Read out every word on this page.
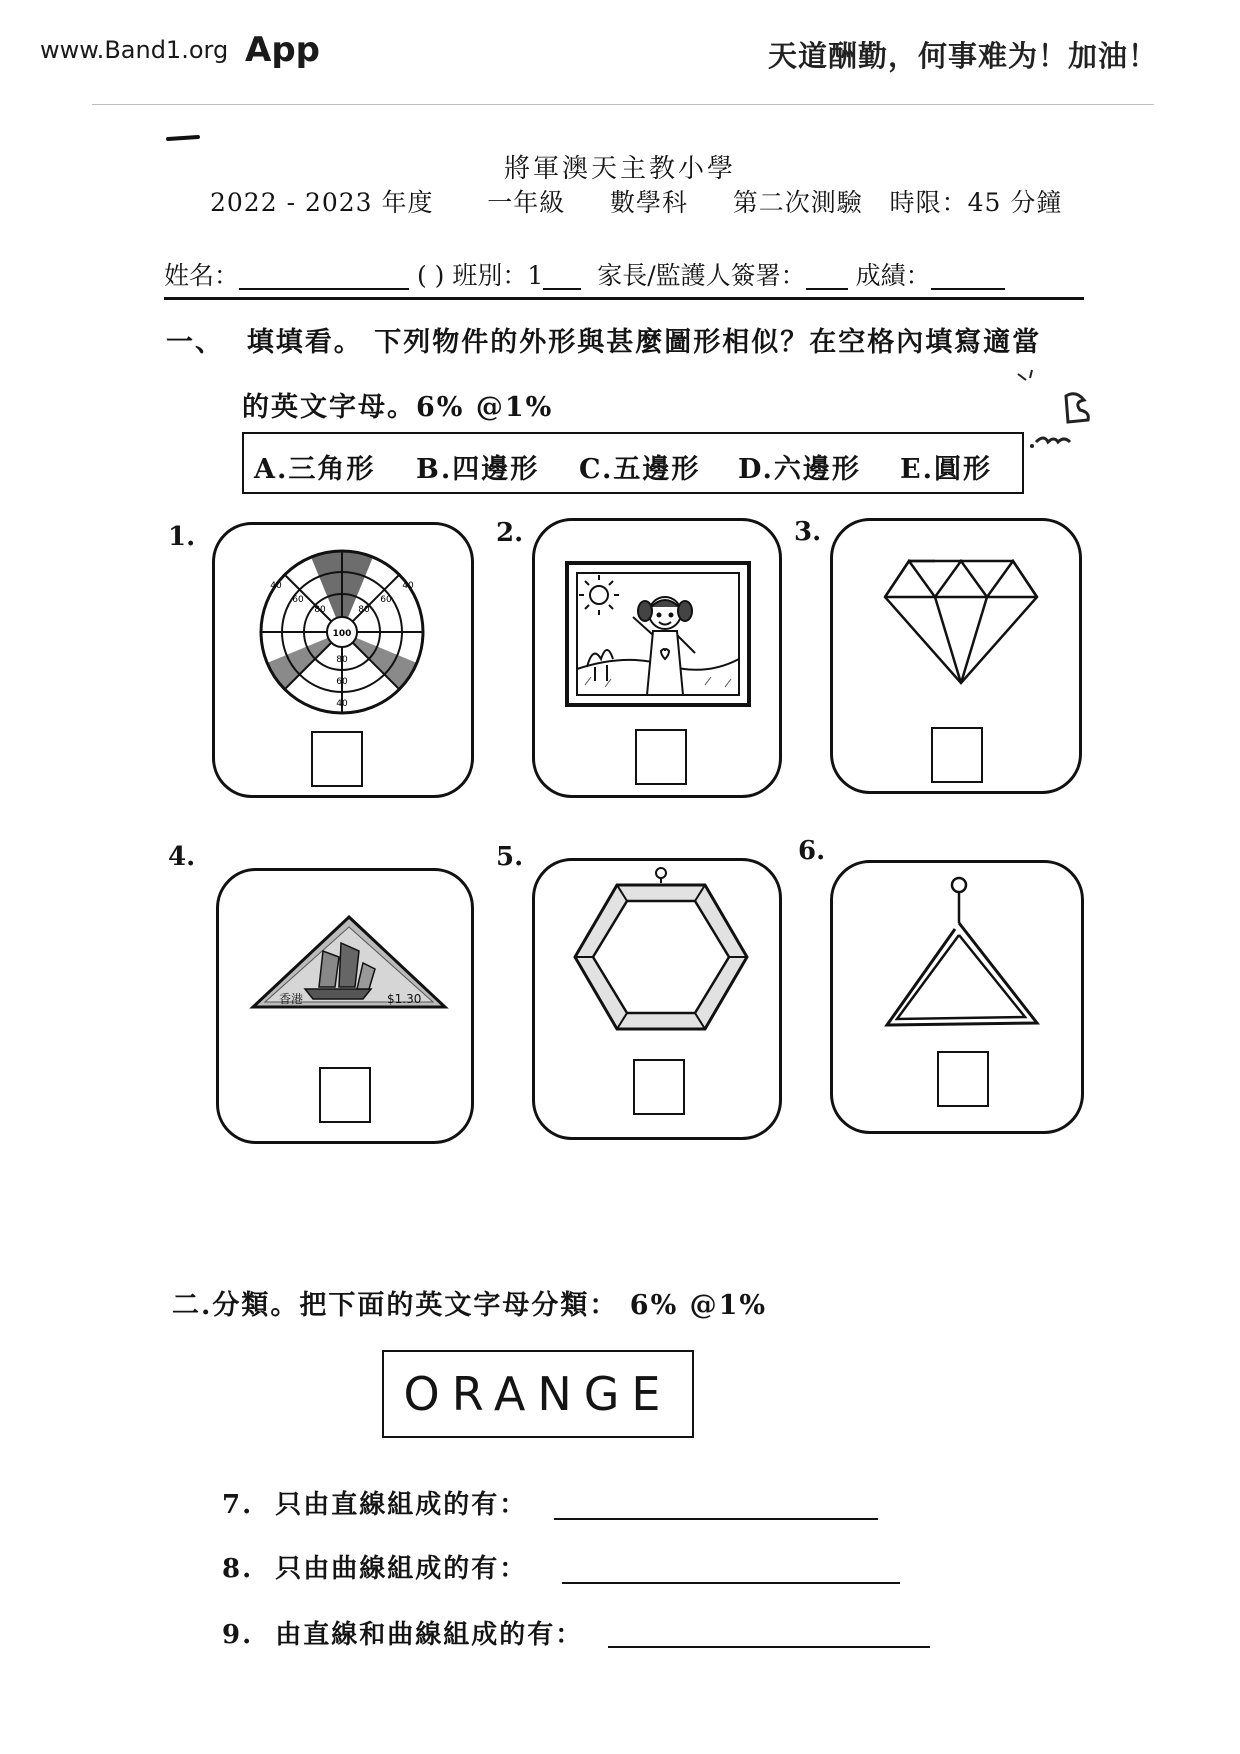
www.Band1.org App	天道酬勤，何事难为！加油！
將軍澳天主教小學
2022 - 2023 年度 一年級 數學科 第二次測驗 時限：45 分鐘
姓名：	( ) 班別：1 家長/監護人簽署： 成績：
一、 填填看。 下列物件的外形與甚麼圖形相似？在空格內填寫適當
的英文字母。6% @1%
A.三角形 B.四邊形 C.五邊形 D.六邊形 E.圓形
1.	2.	3.
4.	5.	6.
100
80	80
80
60	60
60
40	40
40
香港	$1.30
二.分類。把下面的英文字母分類： 6% @1%
ORANGE
7. 只由直線組成的有：
8. 只由曲線組成的有：
9. 由直線和曲線組成的有：
